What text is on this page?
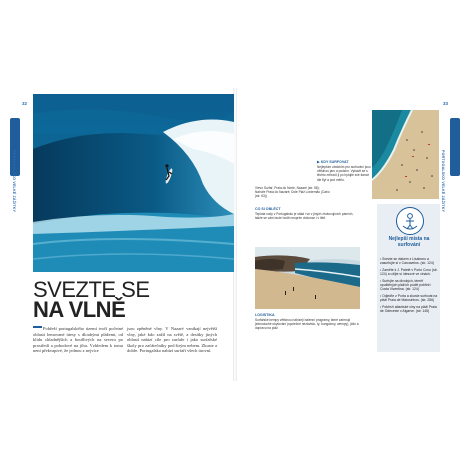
PORTUGALSKO VELKÉ ZÁŽITKY
32
SVEZTE SE
NA VLNĚ
Pobřeží portugalského území tvoří početné oblasti lemované útesy s dlouhými plážemi, od klidu chladnějších a bouřlivých na severu po prostředí a pohodové na jihu. Vzhledem k tomu není překvapivé, že jednou z nejvíce
jsou zpěněné vlny. V Nazaré vznikají největší vlny, jaké kdo zažil na světě, a desítky jiných oblastí nabízí cíle pro surfaře i jako surfařské školy pro začátečníky pod širým nebem. Zkuste a dobře. Portugalsko nabízí surfaři všech úrovní.
PORTUGALSKO VELKÉ ZÁŽITKY
33
Vlevo Surfař, Praia do Norte, Nazaré (str. 58); Nahoře Praia do Nazaré; Dole Plaž Lordemão (Cabo (str. 63))
▶ KDY SURFOVAT
Nejlepším obdobím pro surfování jsou většinou jaro a podzim. Vybavit se s těchto měsíců ji po bytujte své šance dle flyf a pod měřiu.
CO SI OBLÉCT
Teplota vody v Portugalsku je stálá i ve v jiných zhotovujících parních, takže se vám bude hodit neoprén dokonce i v létě.
LOGISTIKA
Surfařské kempy většinou nabízejí balenní programy, které zahrnují jednoduché ubytování (společné nezávislo- ty, bungalovy, wempy), jídlo a dopravu na pláž.
Nejlepší místa na surfování
• Svezte se vlakem z Lisabonu a zasurfujte si v Carcavelos. (str. 124)
• Zamiřte k J. Paletě v Porto Covo (str. 124) a užijte si útesové ve vlnách.
• Surfujte na divokých, téměř opuštěných plážích podél pobřeží Costa Vicentina. (str. 124)
• Odjeďte z Porta a zkuste surfovat na pláži Praia de Matosinhos. (str. 286)
• Pobřeží atlantské vlny na pláži Praia de Odeceixe v Algarve. (str. 145)
